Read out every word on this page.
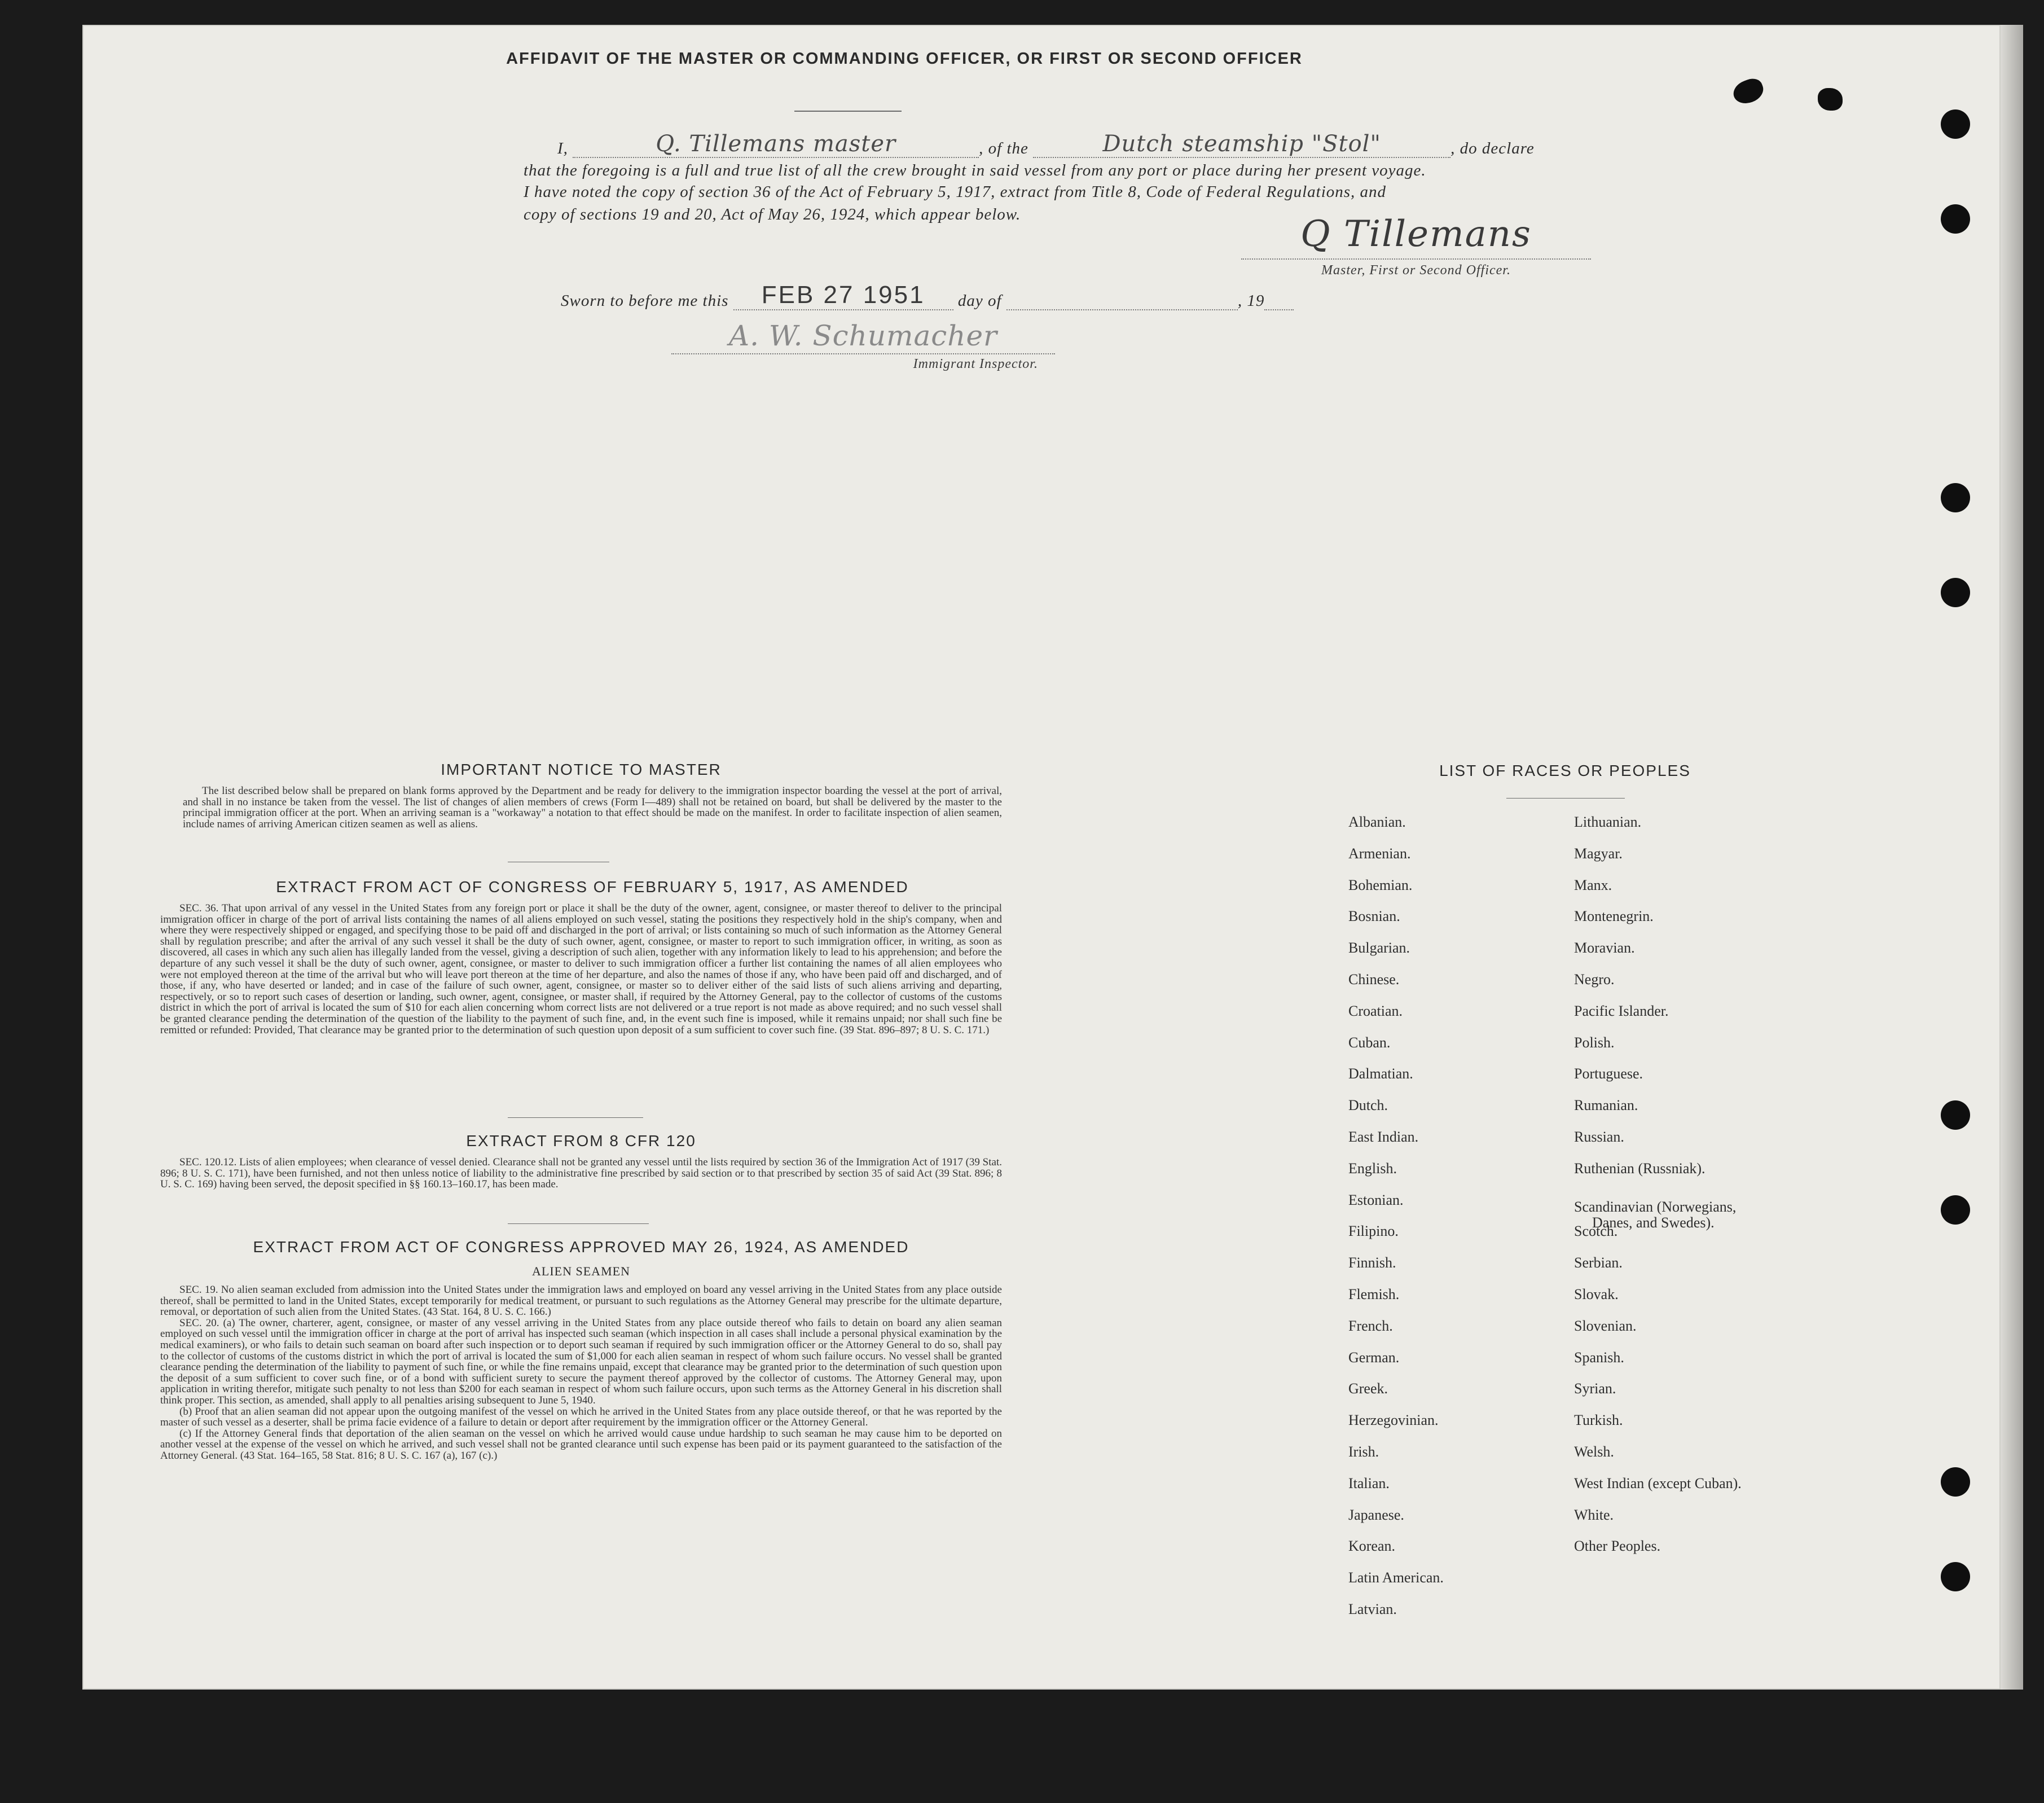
AFFIDAVIT OF THE MASTER OR COMMANDING OFFICER, OR FIRST OR SECOND OFFICER
I,	Q. Tillemans master	, of the	Dutch steamship "Stol"	, do declare
that the foregoing is a full and true list of all the crew brought in said vessel from any port or place during her present voyage.
I have noted the copy of section 36 of the Act of February 5, 1917, extract from Title 8, Code of Federal Regulations, and
copy of sections 19 and 20, Act of May 26, 1924, which appear below.	Q Tillemans
Master, First or Second Officer.
Sworn to before me this FEB 27 1951 day of	, 19
A. W. Schumacher
Immigrant Inspector.
IMPORTANT NOTICE TO MASTER

The list described below shall be prepared on blank forms approved by the Department and be ready for delivery to the immigration inspector boarding the vessel at the port of arrival, and shall in no instance be taken from the vessel. The list of changes of alien members of crews (Form I—489) shall not be retained on board, but shall be delivered by the master to the principal immigration officer at the port. When an arriving seaman is a "workaway" a notation to that effect should be made on the manifest. In order to facilitate inspection of alien seamen, include names of arriving American citizen seamen as well as aliens.

EXTRACT FROM ACT OF CONGRESS OF FEBRUARY 5, 1917, AS AMENDED

SEC. 36. That upon arrival of any vessel in the United States from any foreign port or place it shall be the duty of the owner, agent, consignee, or master thereof to deliver to the principal immigration officer in charge of the port of arrival lists containing the names of all aliens employed on such vessel, stating the positions they respectively hold in the ship's company, when and where they were respectively shipped or engaged, and specifying those to be paid off and discharged in the port of arrival; or lists containing so much of such information as the Attorney General shall by regulation prescribe; and after the arrival of any such vessel it shall be the duty of such owner, agent, consignee, or master to report to such immigration officer, in writing, as soon as discovered, all cases in which any such alien has illegally landed from the vessel, giving a description of such alien, together with any information likely to lead to his apprehension; and before the departure of any such vessel it shall be the duty of such owner, agent, consignee, or master to deliver to such immigration officer a further list containing the names of all alien employees who were not employed thereon at the time of the arrival but who will leave port thereon at the time of her departure, and also the names of those if any, who have been paid off and discharged, and of those, if any, who have deserted or landed; and in case of the failure of such owner, agent, consignee, or master so to deliver either of the said lists of such aliens arriving and departing, respectively, or so to report such cases of desertion or landing, such owner, agent, consignee, or master shall, if required by the Attorney General, pay to the collector of customs of the customs district in which the port of arrival is located the sum of $10 for each alien concerning whom correct lists are not delivered or a true report is not made as above required; and no such vessel shall be granted clearance pending the determination of the question of the liability to the payment of such fine, and, in the event such fine is imposed, while it remains unpaid; nor shall such fine be remitted or refunded: Provided, That clearance may be granted prior to the determination of such question upon deposit of a sum sufficient to cover such fine. (39 Stat. 896–897; 8 U. S. C. 171.)

EXTRACT FROM 8 CFR 120

SEC. 120.12. Lists of alien employees; when clearance of vessel denied. Clearance shall not be granted any vessel until the lists required by section 36 of the Immigration Act of 1917 (39 Stat. 896; 8 U. S. C. 171), have been furnished, and not then unless notice of liability to the administrative fine prescribed by said section or to that prescribed by section 35 of said Act (39 Stat. 896; 8 U. S. C. 169) having been served, the deposit specified in §§ 160.13–160.17, has been made.

EXTRACT FROM ACT OF CONGRESS APPROVED MAY 26, 1924, AS AMENDED
ALIEN SEAMEN

SEC. 19. No alien seaman excluded from admission into the United States under the immigration laws and employed on board any vessel arriving in the United States from any place outside thereof, shall be permitted to land in the United States, except temporarily for medical treatment, or pursuant to such regulations as the Attorney General may prescribe for the ultimate departure, removal, or deportation of such alien from the United States. (43 Stat. 164, 8 U. S. C. 166.)

SEC. 20. (a) The owner, charterer, agent, consignee, or master of any vessel arriving in the United States from any place outside thereof who fails to detain on board any alien seaman employed on such vessel until the immigration officer in charge at the port of arrival has inspected such seaman (which inspection in all cases shall include a personal physical examination by the medical examiners), or who fails to detain such seaman on board after such inspection or to deport such seaman if required by such immigration officer or the Attorney General to do so, shall pay to the collector of customs of the customs district in which the port of arrival is located the sum of $1,000 for each alien seaman in respect of whom such failure occurs. No vessel shall be granted clearance pending the determination of the liability to payment of such fine, or while the fine remains unpaid, except that clearance may be granted prior to the determination of such question upon the deposit of a sum sufficient to cover such fine, or of a bond with sufficient surety to secure the payment thereof approved by the collector of customs. The Attorney General may, upon application in writing therefor, mitigate such penalty to not less than $200 for each seaman in respect of whom such failure occurs, upon such terms as the Attorney General in his discretion shall think proper. This section, as amended, shall apply to all penalties arising subsequent to June 5, 1940.

(b) Proof that an alien seaman did not appear upon the outgoing manifest of the vessel on which he arrived in the United States from any place outside thereof, or that he was reported by the master of such vessel as a deserter, shall be prima facie evidence of a failure to detain or deport after requirement by the immigration officer or the Attorney General.

(c) If the Attorney General finds that deportation of the alien seaman on the vessel on which he arrived would cause undue hardship to such seaman he may cause him to be deported on another vessel at the expense of the vessel on which he arrived, and such vessel shall not be granted clearance until such expense has been paid or its payment guaranteed to the satisfaction of the Attorney General. (43 Stat. 164–165, 58 Stat. 816; 8 U. S. C. 167 (a), 167 (c).)

LIST OF RACES OR PEOPLES
Albanian.
Armenian.
Bohemian.
Bosnian.
Bulgarian.
Chinese.
Croatian.
Cuban.
Dalmatian.
Dutch.
East Indian.
English.
Estonian.
Filipino.
Finnish.
Flemish.
French.
German.
Greek.
Herzegovinian.
Irish.
Italian.
Japanese.
Korean.
Latin American.
Latvian.
Lithuanian.
Magyar.
Manx.
Montenegrin.
Moravian.
Negro.
Pacific Islander.
Polish.
Portuguese.
Rumanian.
Russian.
Ruthenian (Russniak).
Scandinavian (Norwegians,
Danes, and Swedes).
Scotch.
Serbian.
Slovak.
Slovenian.
Spanish.
Syrian.
Turkish.
Welsh.
West Indian (except Cuban).
White.
Other Peoples.
